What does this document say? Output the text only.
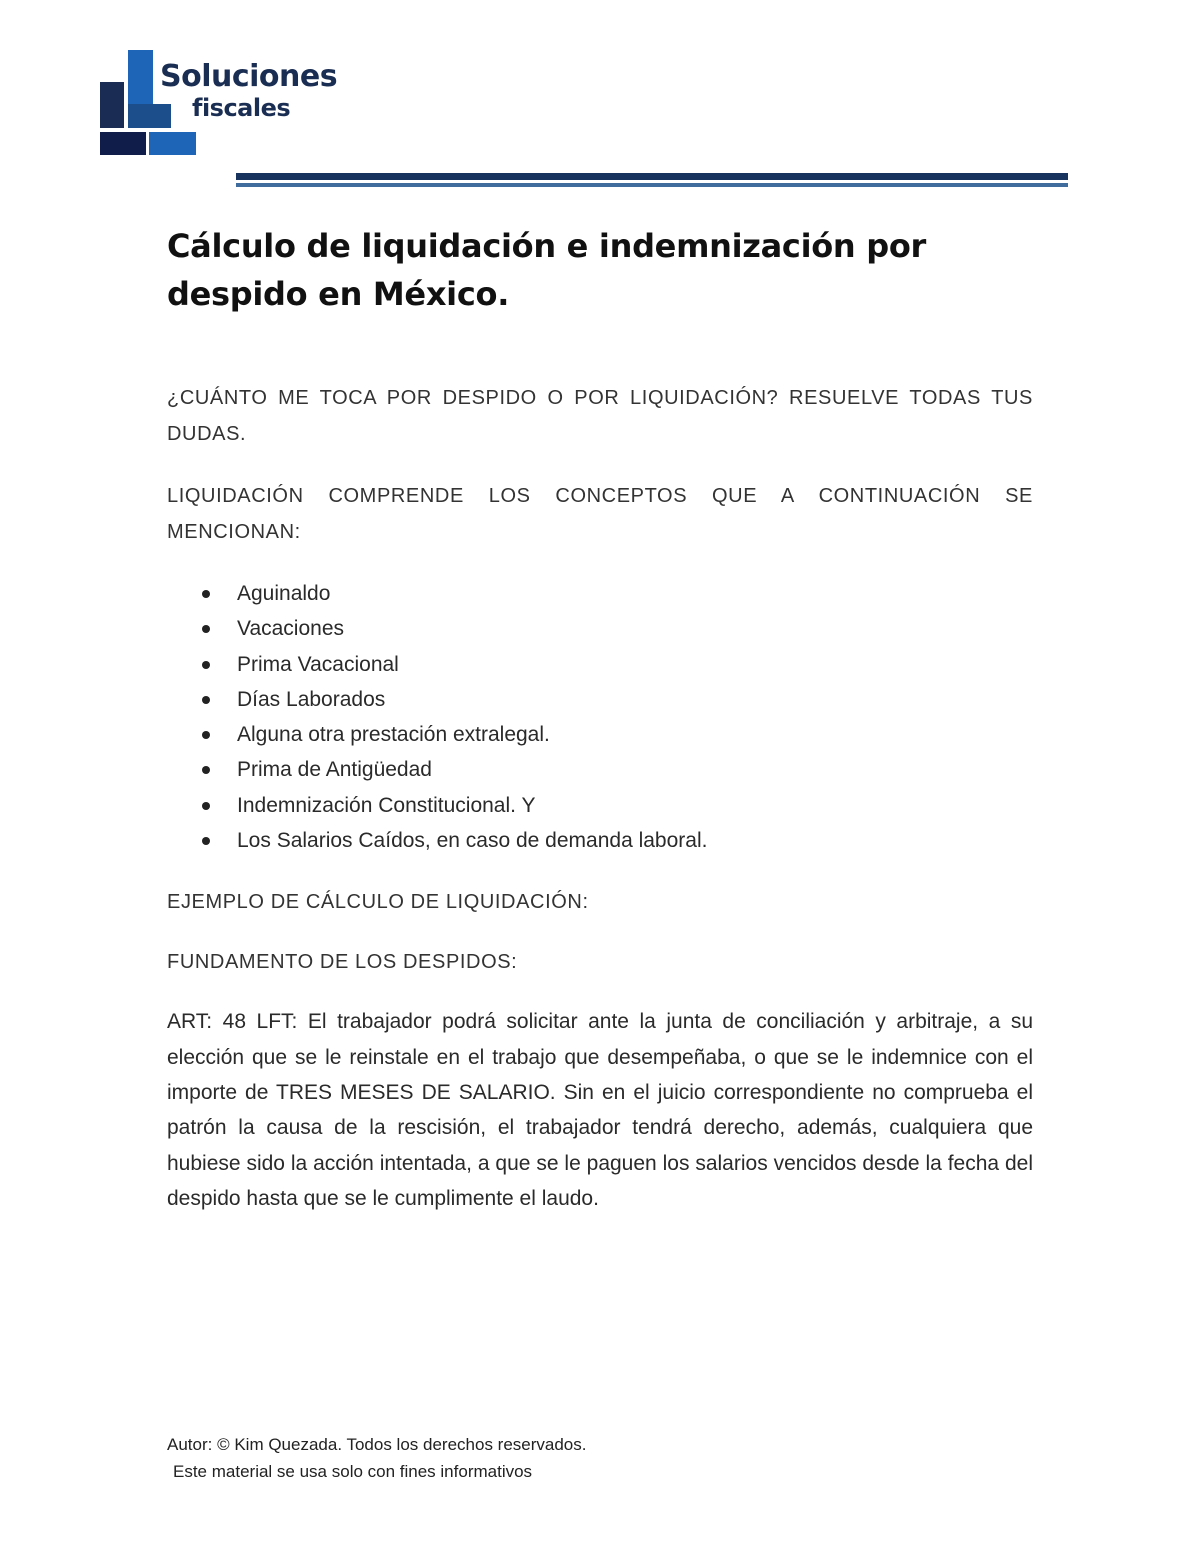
Soluciones
fiscales
Cálculo de liquidación e indemnización por despido en México.

¿CUÁNTO ME TOCA POR DESPIDO O POR LIQUIDACIÓN? RESUELVE TODAS TUS DUDAS.

LIQUIDACIÓN COMPRENDE LOS CONCEPTOS QUE A CONTINUACIÓN SE MENCIONAN:

Aguinaldo
Vacaciones
Prima Vacacional
Días Laborados
Alguna otra prestación extralegal.
Prima de Antigüedad
Indemnización Constitucional. Y
Los Salarios Caídos, en caso de demanda laboral.

EJEMPLO DE CÁLCULO DE LIQUIDACIÓN:

FUNDAMENTO DE LOS DESPIDOS:

ART: 48 LFT: El trabajador podrá solicitar ante la junta de conciliación y arbitraje, a su elección que se le reinstale en el trabajo que desempeñaba, o que se le indemnice con el importe de TRES MESES DE SALARIO. Sin en el juicio correspondiente no comprueba el patrón la causa de la rescisión, el trabajador tendrá derecho, además, cualquiera que hubiese sido la acción intentada, a que se le paguen los salarios vencidos desde la fecha del despido hasta que se le cumplimente el laudo.

Autor: © Kim Quezada. Todos los derechos reservados.
Este material se usa solo con fines informativos
